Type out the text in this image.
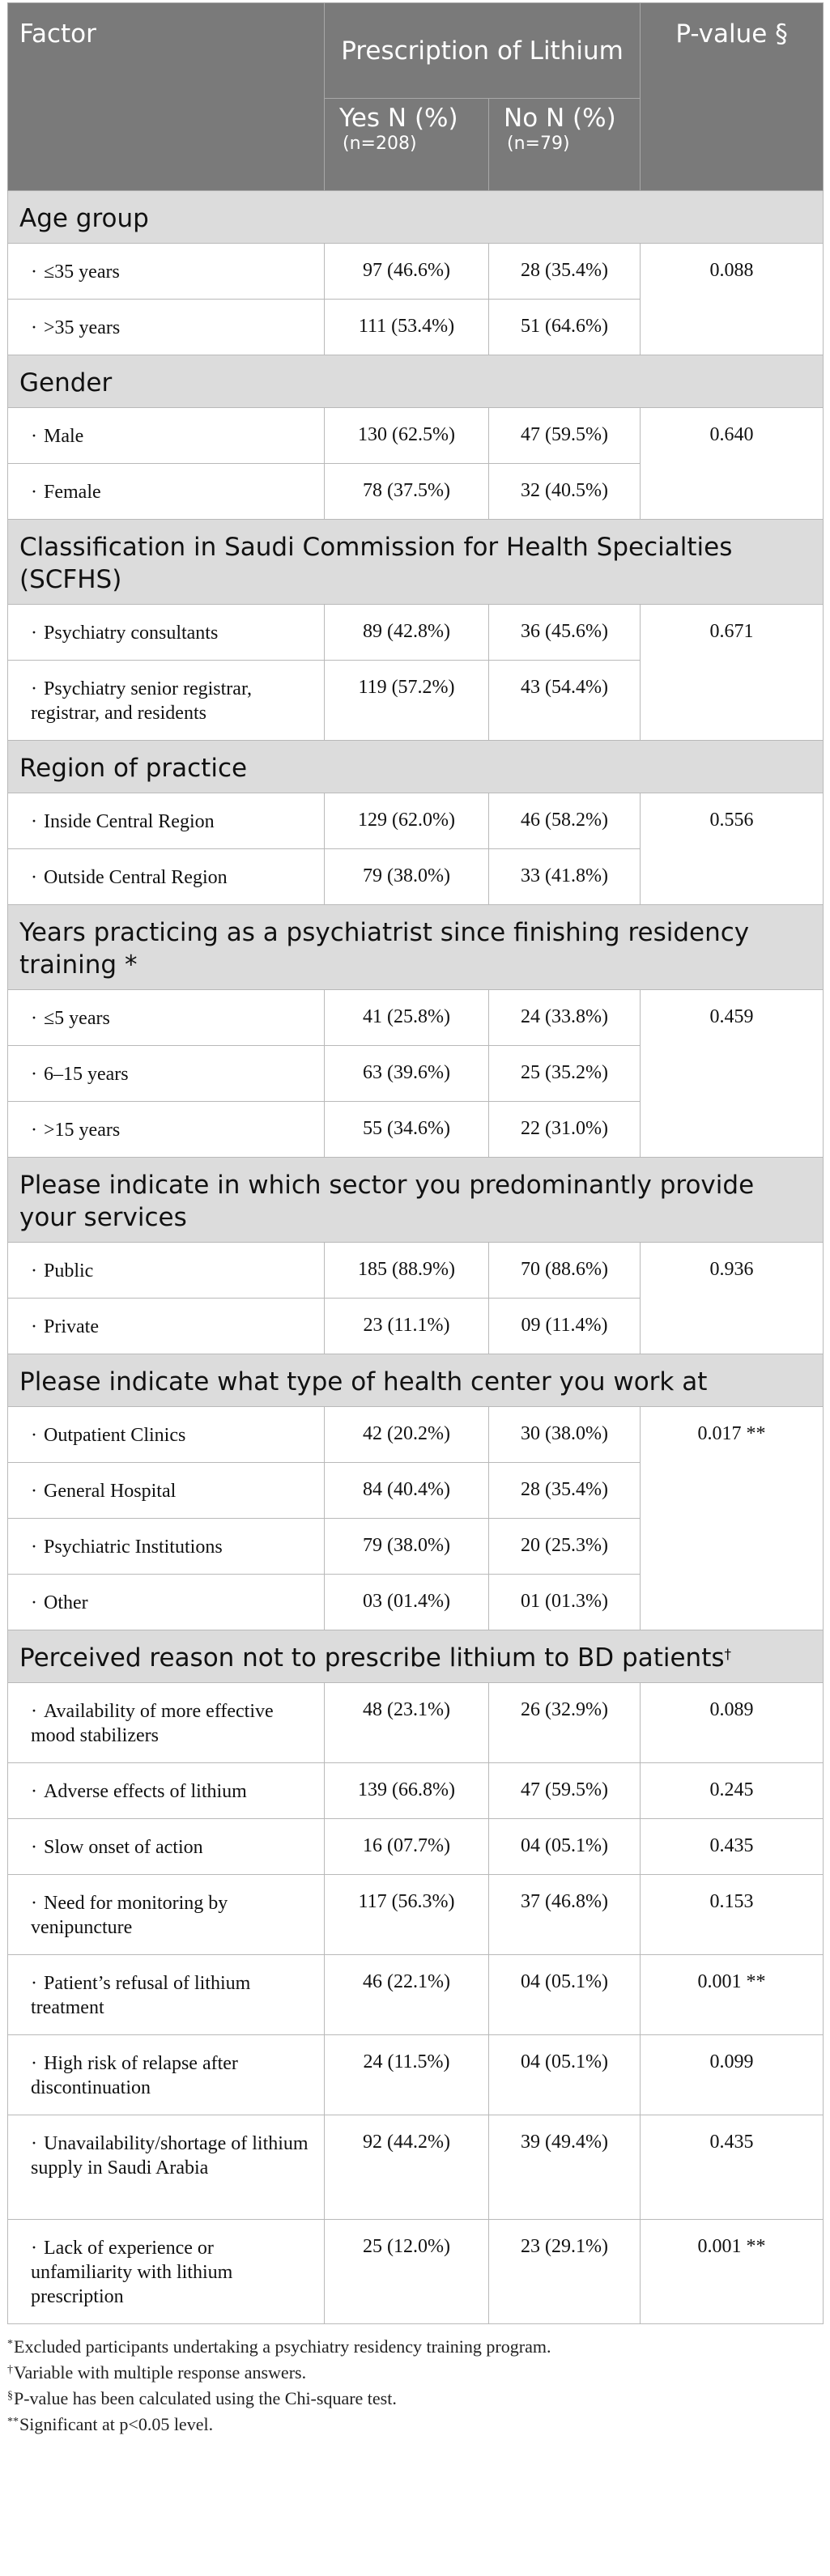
Factor	Prescription of Lithium		P-value §
	Yes N (%)$^{(n=208)}$	No N (%)$^{(n=79)}$
Age group			
· ≤35 years	97 (46.6%)	28 (35.4%)	0.088
· >35 years	111 (53.4%)	51 (64.6%)	
Gender			
· Male	130 (62.5%)	47 (59.5%)	0.640
· Female	78 (37.5%)	32 (40.5%)	
Classification in Saudi Commission for Health Specialties (SCFHS)			
· Psychiatry consultants	89 (42.8%)	36 (45.6%)	0.671
· Psychiatry senior registrar, registrar, and residents	119 (57.2%)	43 (54.4%)	
Region of practice			
· Inside Central Region	129 (62.0%)	46 (58.2%)	0.556
· Outside Central Region	79 (38.0%)	33 (41.8%)	
Years practicing as a psychiatrist since finishing residency training *			
· ≤5 years	41 (25.8%)	24 (33.8%)	0.459
· 6–15 years	63 (39.6%)	25 (35.2%)	
· >15 years	55 (34.6%)	22 (31.0%)	
Please indicate in which sector you predominantly provide your services			
· Public	185 (88.9%)	70 (88.6%)	0.936
· Private	23 (11.1%)	09 (11.4%)	
Please indicate what type of health center you work at			
· Outpatient Clinics	42 (20.2%)	30 (38.0%)	0.017 **
· General Hospital	84 (40.4%)	28 (35.4%)	
· Psychiatric Institutions	79 (38.0%)	20 (25.3%)	
· Other	03 (01.4%)	01 (01.3%)	
Perceived reason not to prescribe lithium to BD patients†
· Availability of more effective mood stabilizers	48 (23.1%)	26 (32.9%)	0.089
· Adverse effects of lithium	139 (66.8%)	47 (59.5%)	0.245
· Slow onset of action	16 (07.7%)	04 (05.1%)	0.435
· Need for monitoring by venipuncture	117 (56.3%)	37 (46.8%)	0.153
· Patient’s refusal of lithium treatment	46 (22.1%)	04 (05.1%)	0.001 **
· High risk of relapse after discontinuation	24 (11.5%)	04 (05.1%)	0.099
· Unavailability/shortage of lithium supply in Saudi Arabia	92 (44.2%)	39 (49.4%)	0.435
· Lack of experience or unfamiliarity with lithium prescription	25 (12.0%)	23 (29.1%)	0.001 **
*Excluded participants undertaking a psychiatry residency training program.
†Variable with multiple response answers.
§P-value has been calculated using the Chi-square test.
**Significant at p<0.05 level.
